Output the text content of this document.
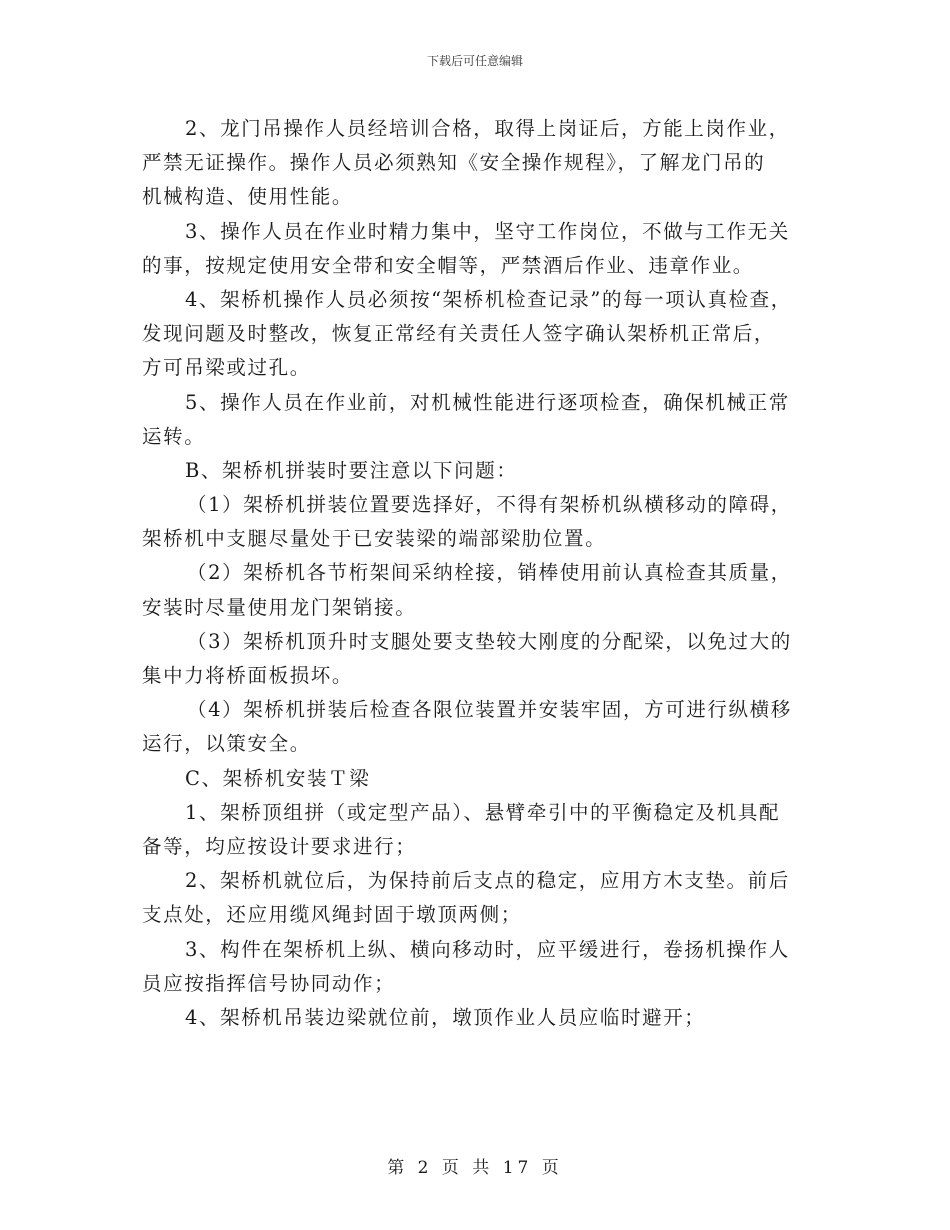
下载后可任意编辑
2、龙门吊操作人员经培训合格，取得上岗证后，方能上岗作业，
严禁无证操作。操作人员必须熟知《安全操作规程》，了解龙门吊的
机械构造、使用性能。
3、操作人员在作业时精力集中，坚守工作岗位，不做与工作无关
的事，按规定使用安全带和安全帽等，严禁酒后作业、违章作业。
4、架桥机操作人员必须按“架桥机检查记录”的每一项认真检查，
发现问题及时整改，恢复正常经有关责任人签字确认架桥机正常后，
方可吊梁或过孔。
5、操作人员在作业前，对机械性能进行逐项检查，确保机械正常
运转。
B、架桥机拼装时要注意以下问题：
（1）架桥机拼装位置要选择好，不得有架桥机纵横移动的障碍，
架桥机中支腿尽量处于已安装梁的端部梁肋位置。
（2）架桥机各节桁架间采纳栓接，销棒使用前认真检查其质量，
安装时尽量使用龙门架销接。
（3）架桥机顶升时支腿处要支垫较大刚度的分配梁，以免过大的
集中力将桥面板损坏。
（4）架桥机拼装后检查各限位装置并安装牢固，方可进行纵横移
运行，以策安全。
C、架桥机安装Ｔ梁
1、架桥顶组拼（或定型产品）、悬臂牵引中的平衡稳定及机具配
备等，均应按设计要求进行；
2、架桥机就位后，为保持前后支点的稳定，应用方木支垫。前后
支点处，还应用缆风绳封固于墩顶两侧；
3、构件在架桥机上纵、横向移动时，应平缓进行，卷扬机操作人
员应按指挥信号协同动作；
4、架桥机吊装边梁就位前，墩顶作业人员应临时避开；
第 2 页 共 17 页
